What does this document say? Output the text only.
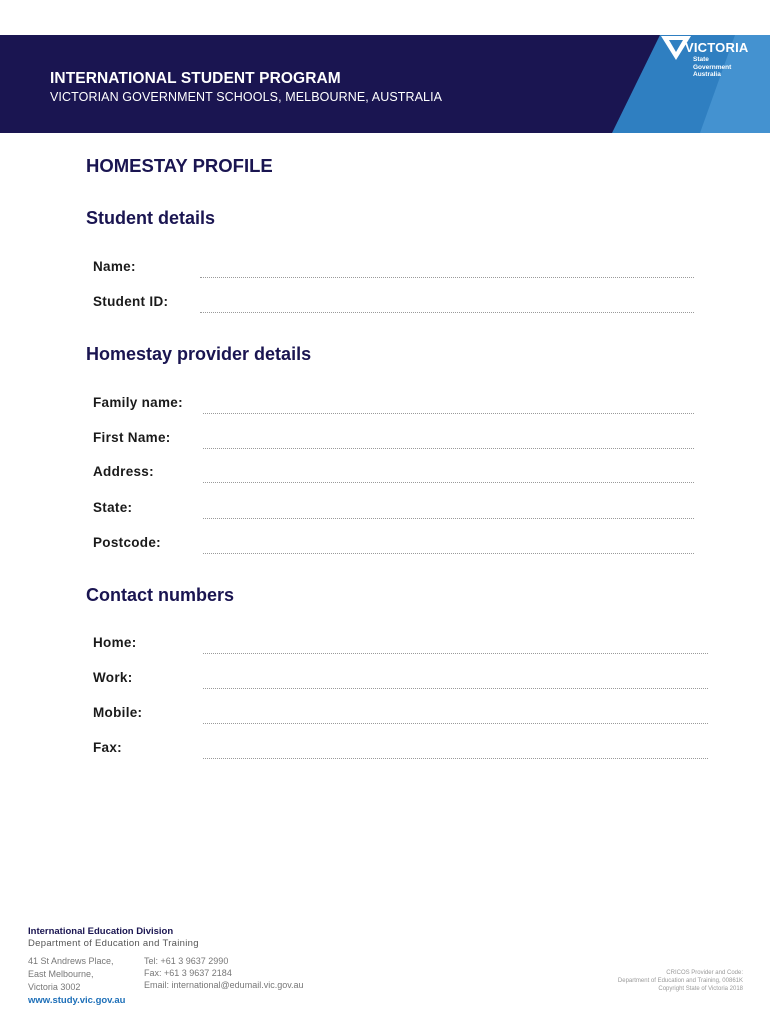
INTERNATIONAL STUDENT PROGRAM
VICTORIAN GOVERNMENT SCHOOLS, MELBOURNE, AUSTRALIA
VICTORIA
State
Government
Australia
HOMESTAY PROFILE
Student details
Name:
Student ID:
Homestay provider details
Family name:
First Name:
Address:
State:
Postcode:
Contact numbers
Home:
Work:
Mobile:
Fax:
International Education Division
Department of Education and Training
41 St Andrews Place,
East Melbourne,
Victoria 3002
Tel: +61 3 9637 2990
Fax: +61 3 9637 2184
Email: international@edumail.vic.gov.au
www.study.vic.gov.au
CRICOS Provider and Code:
Department of Education and Training, 00861K
Copyright State of Victoria 2018
